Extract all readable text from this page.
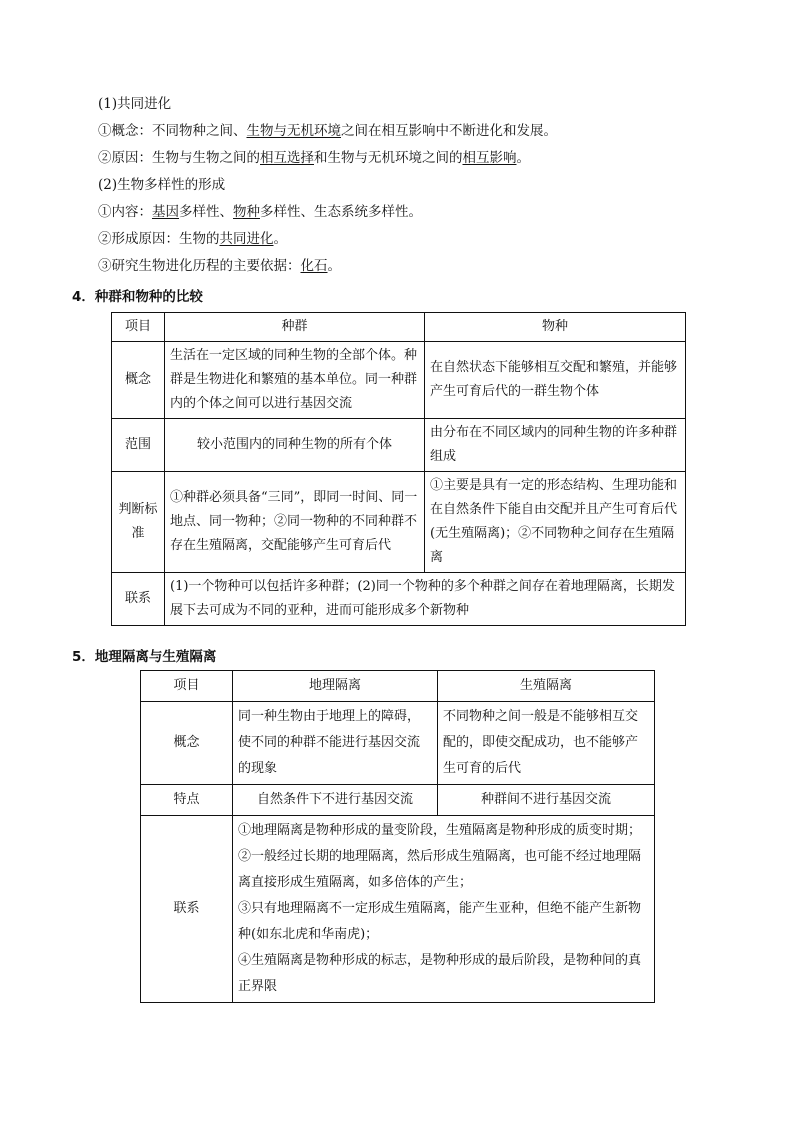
(1)共同进化
①概念：不同物种之间、生物与无机环境之间在相互影响中不断进化和发展。
②原因：生物与生物之间的相互选择和生物与无机环境之间的相互影响。
(2)生物多样性的形成
①内容：基因多样性、物种多样性、生态系统多样性。
②形成原因：生物的共同进化。
③研究生物进化历程的主要依据：化石。
4．种群和物种的比较
项目	种群	物种
概念	生活在一定区域的同种生物的全部个体。种群是生物进化和繁殖的基本单位。同一种群内的个体之间可以进行基因交流	在自然状态下能够相互交配和繁殖，并能够产生可育后代的一群生物个体
范围	较小范围内的同种生物的所有个体	由分布在不同区域内的同种生物的许多种群组成
判断标准	①种群必须具备“三同”，即同一时间、同一地点、同一物种；②同一物种的不同种群不存在生殖隔离，交配能够产生可育后代	①主要是具有一定的形态结构、生理功能和在自然条件下能自由交配并且产生可育后代(无生殖隔离)；②不同物种之间存在生殖隔离
联系	(1)一个物种可以包括许多种群；(2)同一个物种的多个种群之间存在着地理隔离，长期发展下去可成为不同的亚种，进而可能形成多个新物种	
5．地理隔离与生殖隔离
项目	地理隔离	生殖隔离
概念	同一种生物由于地理上的障碍，使不同的种群不能进行基因交流的现象	不同物种之间一般是不能够相互交配的，即使交配成功，也不能够产生可育的后代
特点	自然条件下不进行基因交流	种群间不进行基因交流
联系	①地理隔离是物种形成的量变阶段，生殖隔离是物种形成的质变时期；
②一般经过长期的地理隔离，然后形成生殖隔离，也可能不经过地理隔离直接形成生殖隔离，如多倍体的产生；
③只有地理隔离不一定形成生殖隔离，能产生亚种，但绝不能产生新物种(如东北虎和华南虎)；
④生殖隔离是物种形成的标志，是物种形成的最后阶段，是物种间的真正界限	
